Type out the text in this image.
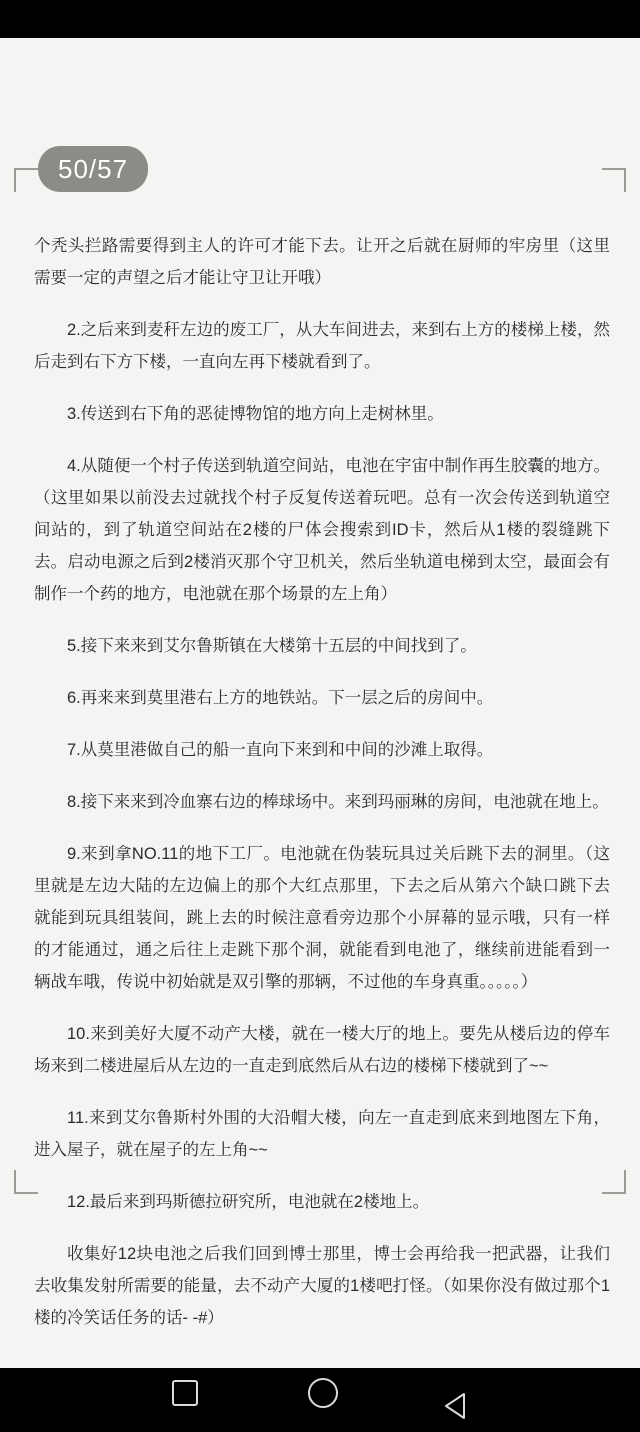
50/57

个秃头拦路需要得到主人的许可才能下去。让开之后就在厨师的牢房里（这里需要一定的声望之后才能让守卫让开哦）

2.之后来到麦秆左边的废工厂，从大车间进去，来到右上方的楼梯上楼，然后走到右下方下楼，一直向左再下楼就看到了。

3.传送到右下角的恶徒博物馆的地方向上走树林里。

4.从随便一个村子传送到轨道空间站，电池在宇宙中制作再生胶囊的地方。（这里如果以前没去过就找个村子反复传送着玩吧。总有一次会传送到轨道空间站的，到了轨道空间站在2楼的尸体会搜索到ID卡，然后从1楼的裂缝跳下去。启动电源之后到2楼消灭那个守卫机关，然后坐轨道电梯到太空，最面会有制作一个药的地方，电池就在那个场景的左上角）

5.接下来来到艾尔鲁斯镇在大楼第十五层的中间找到了。

6.再来来到莫里港右上方的地铁站。下一层之后的房间中。

7.从莫里港做自己的船一直向下来到和中间的沙滩上取得。

8.接下来来到冷血寨右边的棒球场中。来到玛丽琳的房间，电池就在地上。

9.来到拿NO.11的地下工厂。电池就在伪装玩具过关后跳下去的洞里。（这里就是左边大陆的左边偏上的那个大红点那里，下去之后从第六个缺口跳下去就能到玩具组装间，跳上去的时候注意看旁边那个小屏幕的显示哦，只有一样的才能通过，通之后往上走跳下那个洞，就能看到电池了，继续前进能看到一辆战车哦，传说中初始就是双引擎的那辆，不过他的车身真重。。。。。）

10.来到美好大厦不动产大楼，就在一楼大厅的地上。要先从楼后边的停车场来到二楼进屋后从左边的一直走到底然后从右边的楼梯下楼就到了~~

11.来到艾尔鲁斯村外围的大沿帽大楼，向左一直走到底来到地图左下角，进入屋子，就在屋子的左上角~~

12.最后来到玛斯德拉研究所，电池就在2楼地上。

收集好12块电池之后我们回到博士那里，博士会再给我一把武器，让我们去收集发射所需要的能量，去不动产大厦的1楼吧打怪。（如果你没有做过那个1楼的冷笑话任务的话- -#）
